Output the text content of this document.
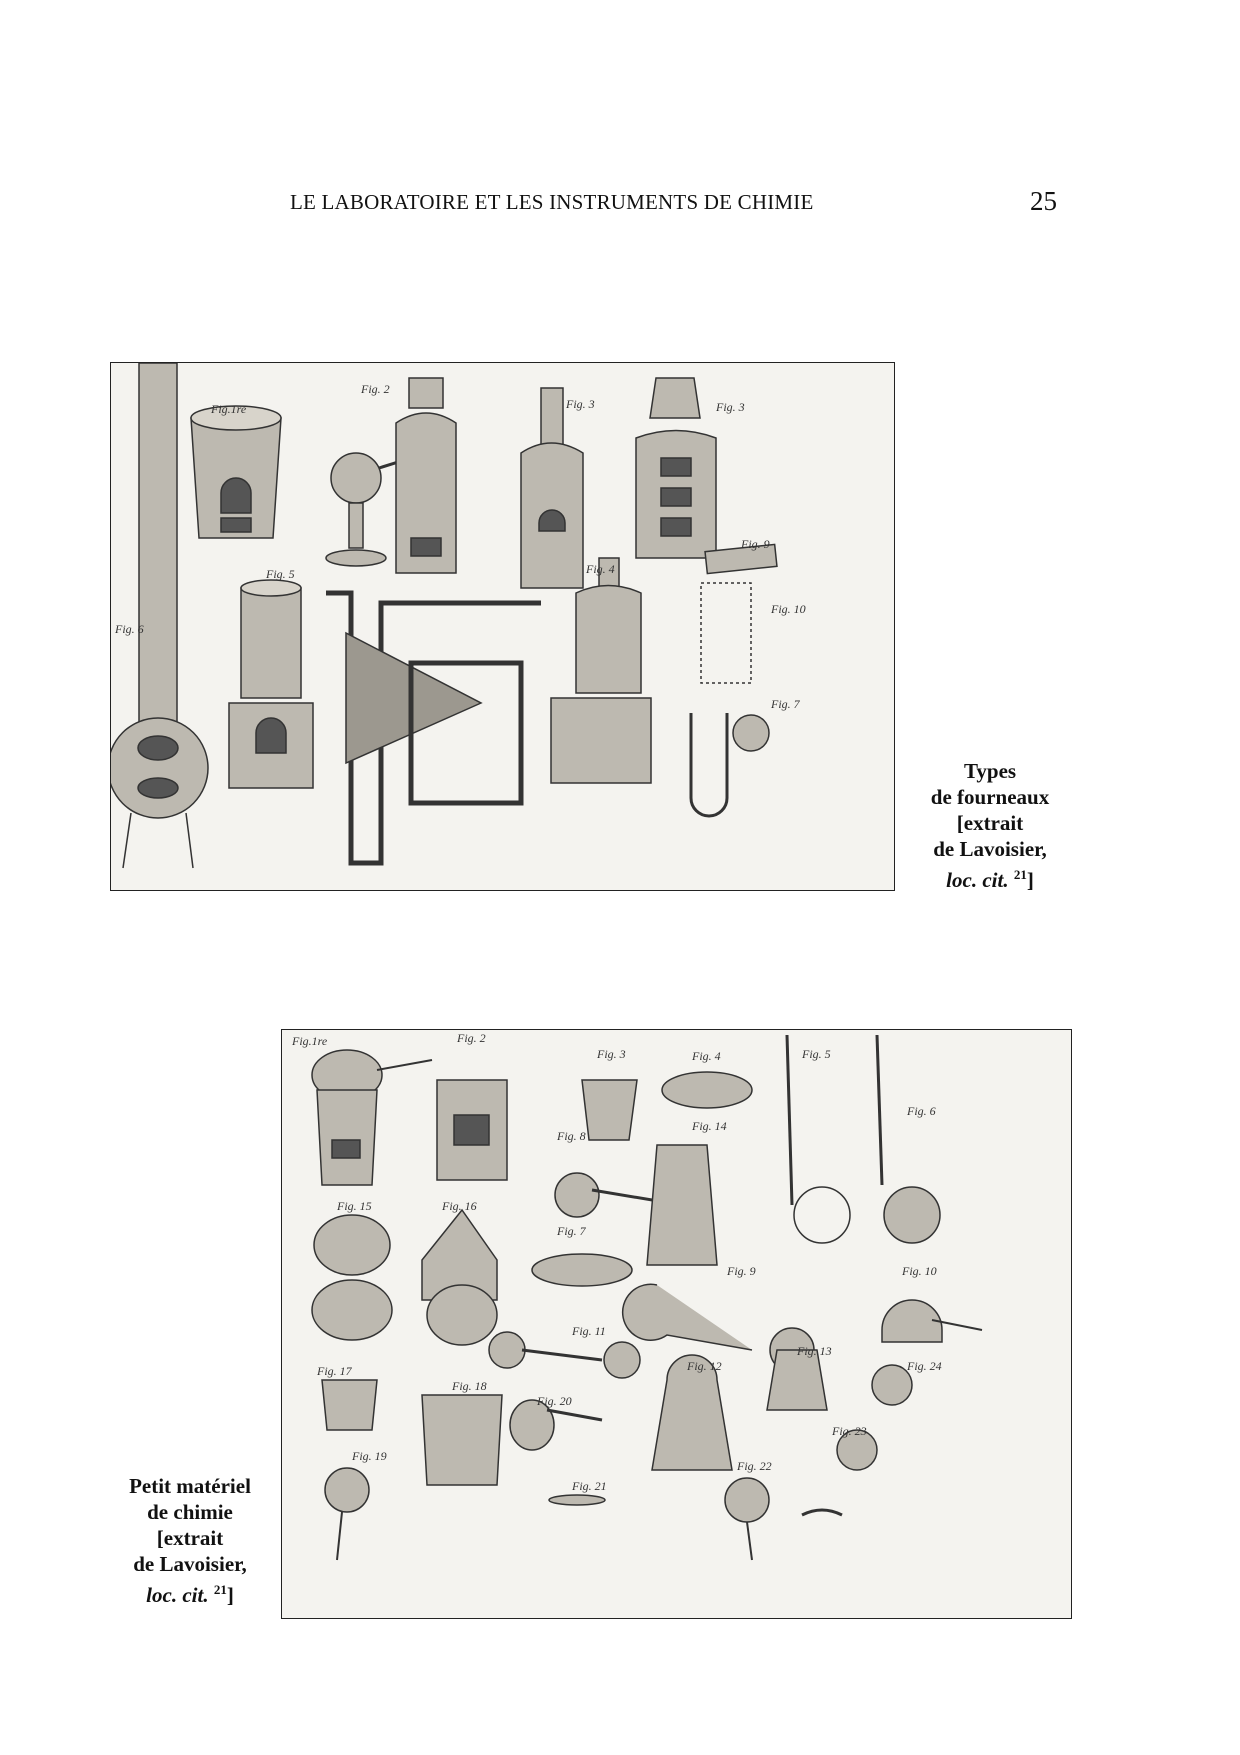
LE LABORATOIRE ET LES INSTRUMENTS DE CHIMIE	25
Fig.1re
Fig. 2
Fig. 3	Fig. 3
Fig. 5	Fig. 4
Fig. 9
Fig. 10
Fig. 7
Fig. 6
Types
de fourneaux
[extrait
de Lavoisier,
loc. cit. $^{21}$]
Fig.1re	Fig. 2
Fig. 3	Fig. 4	Fig. 5
Fig. 6
Fig. 8
Fig. 14
Fig. 15	Fig. 16
Fig. 7
Fig. 9	Fig. 10
Fig. 11
Fig. 12
Fig. 13
Fig. 24
Fig. 17
Fig. 18
Fig. 20
Fig. 23
Fig. 19
Fig. 22
Fig. 21
Petit matériel
de chimie
[extrait
de Lavoisier,
loc. cit. $^{21}$]
